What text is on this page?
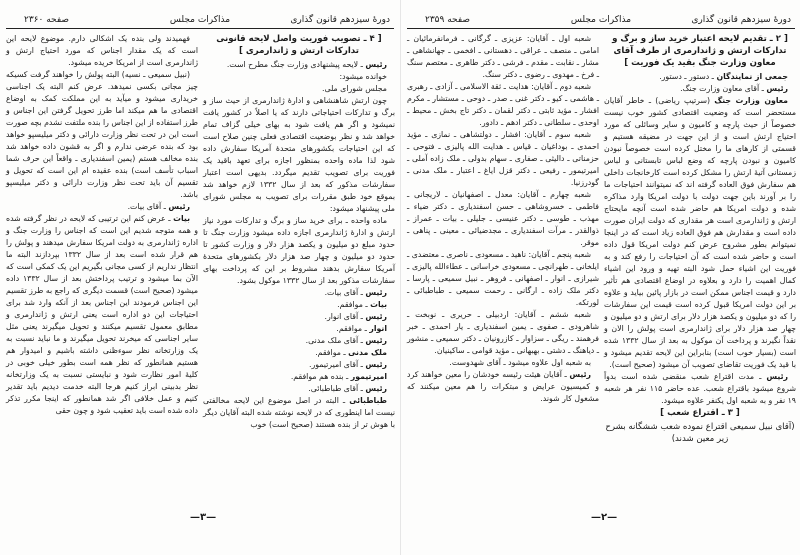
دورهٔ سیزدهم قانون گذاری
مذاکرات مجلس
صفحه ۲۳۶۰

فهمیدند ولی بنده یک اشکالی دارم. موضوع لایحه این است که یک مقدار اجناس که مورد احتیاج ارتش و ژاندارمری است از امریکا خریده میشود.

(نبیل سمیعی ـ نسیه) البته پولش را خواهند گرفت کسیکه چیز مجانی بکسی نمیدهد. عرض کنم البته یک اجناسی خریداری میشود و میآید به این مملکت کمک به اوضاع اقتصادی ما هم میکند اما طرز تحویل گرفتن این اجناس و طرز استفاده از این اجناس را بنده ملتفت نشدم بچه صورت است این در تحت نظر وزارت دارائی و دکتر میلیسپو خواهد بود که بنده عرضی ندارم و اگر به قشون داده خواهد شد بنده مخالف هستم (یمین اسفندیاری ـ واقعاً این حرف شما اسباب تأسف است) بنده عقیده ام این است که تحویل و تقسیم آن باید تحت نظر وزارت دارائی و دکتر میلیسپو باشد.

رئیس ـ آقای بیات.

بیات ـ عرض کنم این ترتیبی که لایحه در نظر گرفته شده و همه متوجه شدیم این است که اجناس را وزارت جنگ و اداره ژاندارمری به دولت امریکا سفارش میدهند و پولش را هم قرار شده است بعد از سال ۱۳۳۲ بپردازند البته ما انتظار نداریم از کسی مجانی بگیریم این یک کمکی است که الآن بما میشود و ترتیب پرداختش بعد از سال ۱۳۳۲ داده میشود (صحیح است) قسمت دیگری که راجع به طرز تقسیم این اجناس فرمودند این اجناس بعد از آنکه وارد شد برای احتیاجات این دو اداره است یعنی ارتش و ژاندارمری و مطابق معمول تقسیم میکنند و تحویل میگیرند یعنی مثل سایر اجناسی که میخرند تحویل میگیرند و ما نباید نسبت به یک وزارتخانه نظر سوءظنی داشته باشیم و امیدوار هم هستیم همانطور که نظر همه است بطور خیلی خوبی در کلیهٔ امور نظارت شود و نبایستی نسبت به یک وزارتخانه نظر بدبینی ابراز کنیم هرجا البته خدمت دیدیم باید تقدیر کنیم و عمل خلافی اگر شد همانطور که اینجا مکرر تذکر داده شده است باید تعقیب شود و چون حقی

[ ۴ ـ تصویب فوریت واصل لایحه قانونی تدارکات ارتش و ژاندارمری ]

رئیس ـ لایحه پیشنهادی وزارت جنگ مطرح است.

خوانده میشود:

مجلس شورای ملی.

چون ارتش شاهنشاهی و ادارهٔ ژاندارمری از حیث ساز و برگ و تدارکات احتیاجاتی دارند که یا اصلاً در کشور یافت نمیشود و اگر هم یافت شود به بهای خیلی گزاف تمام خواهد شد و نظر بوضعیت اقتصادی فعلی چنین صلاح است که این احتیاجات بکشورهای متحدهٔ آمریکا سفارش داده شود لذا ماده واحده بمنظور اجازه برای تعهد باقید یک فوریت برای تصویب تقدیم میگردد. بدیهی است اعتبار سفارشات مذکور که بعد از سال ۱۳۳۲ لازم خواهد شد بموقع خود طبق مقررات برای تصویب به مجلس شورای ملی پیشنهاد میشود:

ماده واحده ـ برای خرید ساز و برگ و تدارکات مورد نیاز ارتش و ادارهٔ ژاندارمری اجازه داده میشود وزارت جنگ تا حدود مبلغ دو میلیون و یکصد هزار دلار و وزارت کشور تا حدود دو میلیون و چهار صد هزار دلار بکشورهای متحدهٔ آمریکا سفارش بدهند مشروط بر این که پرداخت بهای سفارشات مذکور بعد از سال ۱۳۳۲ موکول بشود.

رئیس ـ آقای بیات.

بیات ـ موافقم.

رئیس ـ آقای انوار.

انوار ـ موافقم.

رئیس ـ آقای ملک مدنی.

ملک مدنی ـ موافقم.

رئیس ـ آقای امیرتیمور.

امیرتیمور ـ بنده هم موافقم.

رئیس ـ آقای طباطبائی.

طباطبائی ـ البته در اصل موضوع این لایحه مخالفتی نیست اما اینطوری که در لایحه نوشته شده البته آقایان دیگر با هوش تر از بنده هستند (صحیح است) خوب

—۳—
دورهٔ سیزدهم قانون گذاری
مذاکرات مجلس
صفحه ۲۳۵۹

شعبه اول ـ آقایان: عزیزی ـ گرگانی ـ فرمانفرمائیان ـ امامی ـ منصف ـ عراقی ـ دهستانی ـ افخمی ـ جهانشاهی ـ مشار ـ نقابت ـ مقدم ـ فرشی ـ دکتر طاهری ـ معتصم سنگ ـ فرخ ـ مهدوی ـ رضوی ـ دکتر سنگ.

شعبه دوم ـ آقایان: هدایت ـ ثقة الاسلامی ـ آزادی ـ رهبری ـ هاشمی ـ کیو ـ دکتر غنی ـ صدر ـ دوحی ـ مستشار ـ مکرم افشار ـ مؤید ثابتی ـ دکتر لقمان ـ دکتر تاج بخش ـ محیط ـ اوحدی ـ سلطانی ـ دکتر ادهم ـ دادور.

شعبه سوم ـ آقایان: افشار ـ دولتشاهی ـ نمازی ـ مؤید احمدی ـ بوداغیان ـ قیاس ـ هدایت الله پالیزی ـ فتوحی ـ حزمناتی ـ دالیثی ـ صفاری ـ سهام بدولی ـ ملک زاده آملی ـ امیرتیمور ـ رفیعی ـ دکتر قزل ایاغ ـ اعتبار ـ ملک مدنی ـ گودرزنیا.

شعبه چهارم ـ آقایان: معدل ـ اصفهانیان ـ لاریجانی ـ فاطمی ـ خسروشاهی ـ حسن اسفندیاری ـ دکتر ضیاء ـ مهذب ـ طوسی ـ دکتر عنیسی ـ جلیلی ـ بیات ـ عمراز ـ ذوالقدر ـ مرآت اسفندیاری ـ مجدضیائی ـ معینی ـ پناهی ـ موقر.

شعبه پنجم ـ آقایان: ناهید ـ مسعودی ـ ناصری ـ معتضدی ـ ایلخانی ـ طهرانچی ـ مسعودی خراسانی ـ عطاءالله پالیزی ـ شیرازی ـ انوار ـ اصفهانی ـ فروهر ـ نبیل سمیعی ـ پارسا ـ دکتر ملک زاده ـ ارگانی ـ رحمت سمیعی ـ طباطبائی ـ لورتکه.

شعبه ششم ـ آقایان: اردبیلی ـ حریری ـ نوبخت ـ شاهرودی ـ صفوی ـ یمین اسفندیاری ـ یار احمدی ـ خبر فرهمند ـ ریگی ـ سزاوار ـ کازرونیان ـ دکتر سمیعی ـ منشور ـ دیاهنگ ـ دشتی ـ بهبهانی ـ مؤید قوامی ـ ساکینیان.

به شعبه اول علاوه میشود ـ آقای شهدوست.

رئیس ـ آقایان هیئت رئیسه خودشان را معین خواهند کرد و کمیسیون عرایض و مبتکرات را هم معین میکنند که مشغول کار شوند.

[ ۲ ـ تقدیم لایحه اعتبار خرید ساز و برگ و تدارکات ارتش و ژاندارمری از طرف آقای معاون وزارت جنگ بقید یک فوریت ]

جمعی از نمایندگان ـ دستور ـ دستور.

رئیس ـ آقای معاون وزارت جنگ.

معاون وزارت جنگ (سرتیپ ریاضی) ـ خاطر آقایان مستحضر است که وضعیت اقتصادی کشور خوب نیست خصوصاً از حیث پارچه و کامیون و سایر وسائلی که مورد احتیاج ارتش است و از این جهت در مضیقه هستیم و قسمتی از کارهای ما را مختل کرده است خصوصاً نبودن کامیون و نبودن پارچه که وضع لباس تابستانی و لباس زمستانی آتیهٔ ارتش را مشکل کرده است کارخانجات داخلی هم سفارش فوق العاده گرفته اند که نمیتوانند احتیاجات ما را بر آورند باین جهت دولت با دولت امریکا وارد مذاکره شده و دولت امریکا هم حاضر شده است آنچه مایحتاج ارتش و ژاندارمری است هر مقداری که دولت ایران صورت داده است و مقدارش هم فوق العاده زیاد است که در اینجا نمیتوانم بطور مشروح عرض کنم دولت امریکا قول داده است و حاضر شده است که آن احتیاجات را رفع کند و به فوریت این اشیاء حمل شود البته تهیه و ورود این اشیاء کمال اهمیت را دارد و بعلاوه در اوضاع اقتصادی هم تأثیر دارد و قیمت اجناس ممکن است در بازار پائین بیاید و علاوه بر این دولت امریکا قبول کرده است قیمت این سفارشات را که دو میلیون و یکصد هزار دلار برای ارتش و دو میلیون و چهار صد هزار دلار برای ژاندارمری است پولش را الان و نقداً نگیرند و پرداخت آن موکول به بعد از سال ۱۳۳۲ شده است (بسیار خوب است) بنابراین این لایحه تقدیم میشود و با قید یک فوریت تقاضای تصویب آن میشود (صحیح است).

رئیس ـ مدت اقتراع شعب منقضی شده است بدواً شروع میشود باقتراع شعب. عده حاضر ۱۱۵ نفر هر شعبه ۱۹ نفر و به شعبه اول یکنفر علاوه میشود.

[ ۳ ـ اقتراع شعب ]

(آقای نبیل سمیعی اقتراع نموده شعب ششگانه بشرح زیر معین شدند)

—۲—
